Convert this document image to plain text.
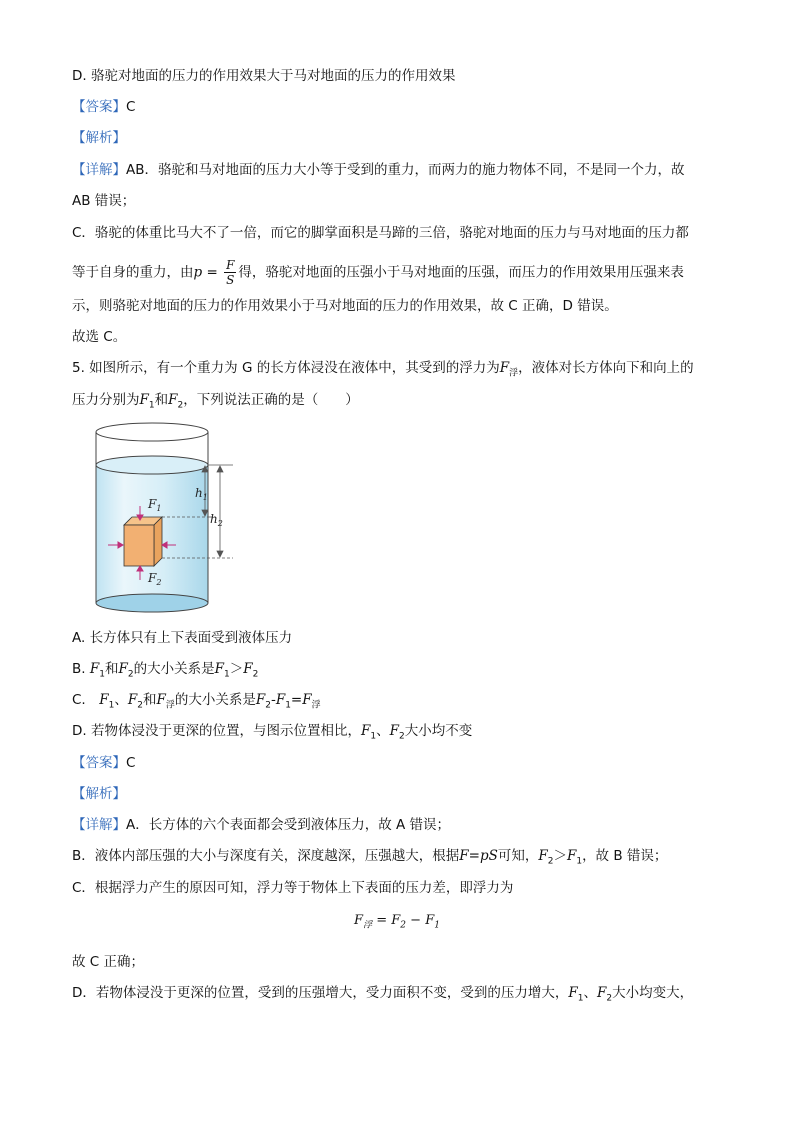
D. 骆驼对地面的压力的作用效果大于马对地面的压力的作用效果
【答案】C
【解析】
【详解】AB．骆驼和马对地面的压力大小等于受到的重力，而两力的施力物体不同，不是同一个力，故
AB 错误；
C．骆驼的体重比马大不了一倍，而它的脚掌面积是马蹄的三倍，骆驼对地面的压力与马对地面的压力都
等于自身的重力，由$p = \frac{F}{S}$ 得，骆驼对地面的压强小于马对地面的压强，而压力的作用效果用压强来表
示，则骆驼对地面的压力的作用效果小于马对地面的压力的作用效果，故 C 正确，D 错误。
故选 C。
5. 如图所示，有一个重力为 G 的长方体浸没在液体中，其受到的浮力为$F_浮$，液体对长方体向下和向上的
压力分别为$F_1$和$F_2$，下列说法正确的是（　　）
$h_1$
$h_2$
$F_1$
$F_2$
A. 长方体只有上下表面受到液体压力
B. $F_1$和$F_2$的大小关系是$F_1>F_2$
C.　$F_1$、$F_2$和$F_浮$的大小关系是$F_2-F_1=F_浮$
D. 若物体浸没于更深的位置，与图示位置相比，$F_1$、$F_2$大小均不变
【答案】C
【解析】
【详解】A．长方体的六个表面都会受到液体压力，故 A 错误；
B．液体内部压强的大小与深度有关，深度越深，压强越大，根据F=pS可知，$F_2>F_1$，故 B 错误；
C．根据浮力产生的原因可知，浮力等于物体上下表面的压力差，即浮力为
$F_浮 = F_2 - F_1$
故 C 正确；
D．若物体浸没于更深的位置，受到的压强增大，受力面积不变，受到的压力增大，$F_1$、$F_2$大小均变大，
